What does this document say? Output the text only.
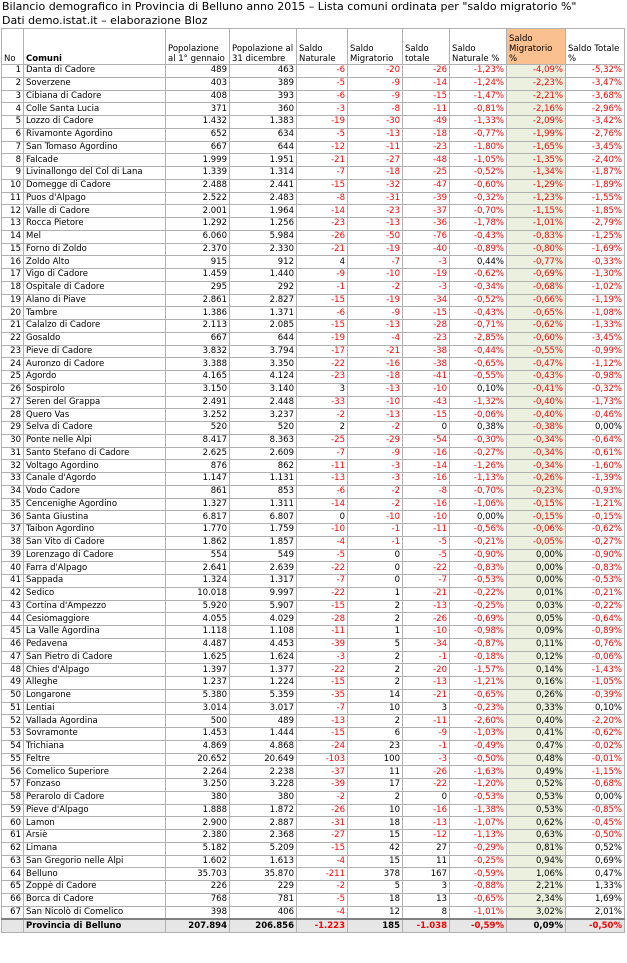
Bilancio demografico in Provincia di Belluno anno 2015 – Lista comuni ordinata per "saldo migratorio %"
Dati demo.istat.it – elaborazione Bloz
No	Comuni	Popolazione al 1° gennaio	Popolazione al 31 dicembre	Saldo Naturale	Saldo Migratorio	Saldo totale	Saldo Naturale %	Saldo Migratorio %	Saldo Totale %
1	Danta di Cadore	489	463	-6	-20	-26	-1,23%	-4,09%	-5,32%
2	Soverzene	403	389	-5	-9	-14	-1,24%	-2,23%	-3,47%
3	Cibiana di Cadore	408	393	-6	-9	-15	-1,47%	-2,21%	-3,68%
4	Colle Santa Lucia	371	360	-3	-8	-11	-0,81%	-2,16%	-2,96%
5	Lozzo di Cadore	1.432	1.383	-19	-30	-49	-1,33%	-2,09%	-3,42%
6	Rivamonte Agordino	652	634	-5	-13	-18	-0,77%	-1,99%	-2,76%
7	San Tomaso Agordino	667	644	-12	-11	-23	-1,80%	-1,65%	-3,45%
8	Falcade	1.999	1.951	-21	-27	-48	-1,05%	-1,35%	-2,40%
9	Livinallongo del Col di Lana	1.339	1.314	-7	-18	-25	-0,52%	-1,34%	-1,87%
10	Domegge di Cadore	2.488	2.441	-15	-32	-47	-0,60%	-1,29%	-1,89%
11	Puos d'Alpago	2.522	2.483	-8	-31	-39	-0,32%	-1,23%	-1,55%
12	Valle di Cadore	2.001	1.964	-14	-23	-37	-0,70%	-1,15%	-1,85%
13	Rocca Pietore	1.292	1.256	-23	-13	-36	-1,78%	-1,01%	-2,79%
14	Mel	6.060	5.984	-26	-50	-76	-0,43%	-0,83%	-1,25%
15	Forno di Zoldo	2.370	2.330	-21	-19	-40	-0,89%	-0,80%	-1,69%
16	Zoldo Alto	915	912	4	-7	-3	0,44%	-0,77%	-0,33%
17	Vigo di Cadore	1.459	1.440	-9	-10	-19	-0,62%	-0,69%	-1,30%
18	Ospitale di Cadore	295	292	-1	-2	-3	-0,34%	-0,68%	-1,02%
19	Alano di Piave	2.861	2.827	-15	-19	-34	-0,52%	-0,66%	-1,19%
20	Tambre	1.386	1.371	-6	-9	-15	-0,43%	-0,65%	-1,08%
21	Calalzo di Cadore	2.113	2.085	-15	-13	-28	-0,71%	-0,62%	-1,33%
22	Gosaldo	667	644	-19	-4	-23	-2,85%	-0,60%	-3,45%
23	Pieve di Cadore	3.832	3.794	-17	-21	-38	-0,44%	-0,55%	-0,99%
24	Auronzo di Cadore	3.388	3.350	-22	-16	-38	-0,65%	-0,47%	-1,12%
25	Agordo	4.165	4.124	-23	-18	-41	-0,55%	-0,43%	-0,98%
26	Sospirolo	3.150	3.140	3	-13	-10	0,10%	-0,41%	-0,32%
27	Seren del Grappa	2.491	2.448	-33	-10	-43	-1,32%	-0,40%	-1,73%
28	Quero Vas	3.252	3.237	-2	-13	-15	-0,06%	-0,40%	-0,46%
29	Selva di Cadore	520	520	2	-2	0	0,38%	-0,38%	0,00%
30	Ponte nelle Alpi	8.417	8.363	-25	-29	-54	-0,30%	-0,34%	-0,64%
31	Santo Stefano di Cadore	2.625	2.609	-7	-9	-16	-0,27%	-0,34%	-0,61%
32	Voltago Agordino	876	862	-11	-3	-14	-1,26%	-0,34%	-1,60%
33	Canale d'Agordo	1.147	1.131	-13	-3	-16	-1,13%	-0,26%	-1,39%
34	Vodo Cadore	861	853	-6	-2	-8	-0,70%	-0,23%	-0,93%
35	Cencenighe Agordino	1.327	1.311	-14	-2	-16	-1,06%	-0,15%	-1,21%
36	Santa Giustina	6.817	6.807	0	-10	-10	0,00%	-0,15%	-0,15%
37	Taibon Agordino	1.770	1.759	-10	-1	-11	-0,56%	-0,06%	-0,62%
38	San Vito di Cadore	1.862	1.857	-4	-1	-5	-0,21%	-0,05%	-0,27%
39	Lorenzago di Cadore	554	549	-5	0	-5	-0,90%	0,00%	-0,90%
40	Farra d'Alpago	2.641	2.639	-22	0	-22	-0,83%	0,00%	-0,83%
41	Sappada	1.324	1.317	-7	0	-7	-0,53%	0,00%	-0,53%
42	Sedico	10.018	9.997	-22	1	-21	-0,22%	0,01%	-0,21%
43	Cortina d'Ampezzo	5.920	5.907	-15	2	-13	-0,25%	0,03%	-0,22%
44	Cesiomaggiore	4.055	4.029	-28	2	-26	-0,69%	0,05%	-0,64%
45	La Valle Agordina	1.118	1.108	-11	1	-10	-0,98%	0,09%	-0,89%
46	Pedavena	4.487	4.453	-39	5	-34	-0,87%	0,11%	-0,76%
47	San Pietro di Cadore	1.625	1.624	-3	2	-1	-0,18%	0,12%	-0,06%
48	Chies d'Alpago	1.397	1.377	-22	2	-20	-1,57%	0,14%	-1,43%
49	Alleghe	1.237	1.224	-15	2	-13	-1,21%	0,16%	-1,05%
50	Longarone	5.380	5.359	-35	14	-21	-0,65%	0,26%	-0,39%
51	Lentiai	3.014	3.017	-7	10	3	-0,23%	0,33%	0,10%
52	Vallada Agordina	500	489	-13	2	-11	-2,60%	0,40%	-2,20%
53	Sovramonte	1.453	1.444	-15	6	-9	-1,03%	0,41%	-0,62%
54	Trichiana	4.869	4.868	-24	23	-1	-0,49%	0,47%	-0,02%
55	Feltre	20.652	20.649	-103	100	-3	-0,50%	0,48%	-0,01%
56	Comelico Superiore	2.264	2.238	-37	11	-26	-1,63%	0,49%	-1,15%
57	Fonzaso	3.250	3.228	-39	17	-22	-1,20%	0,52%	-0,68%
58	Perarolo di Cadore	380	380	-2	2	0	-0,53%	0,53%	0,00%
59	Pieve d'Alpago	1.888	1.872	-26	10	-16	-1,38%	0,53%	-0,85%
60	Lamon	2.900	2.887	-31	18	-13	-1,07%	0,62%	-0,45%
61	Arsiè	2.380	2.368	-27	15	-12	-1,13%	0,63%	-0,50%
62	Limana	5.182	5.209	-15	42	27	-0,29%	0,81%	0,52%
63	San Gregorio nelle Alpi	1.602	1.613	-4	15	11	-0,25%	0,94%	0,69%
64	Belluno	35.703	35.870	-211	378	167	-0,59%	1,06%	0,47%
65	Zoppè di Cadore	226	229	-2	5	3	-0,88%	2,21%	1,33%
66	Borca di Cadore	768	781	-5	18	13	-0,65%	2,34%	1,69%
67	San Nicolò di Comelico	398	406	-4	12	8	-1,01%	3,02%	2,01%
	Provincia di Belluno	207.894	206.856	-1.223	185	-1.038	-0,59%	0,09%	-0,50%
